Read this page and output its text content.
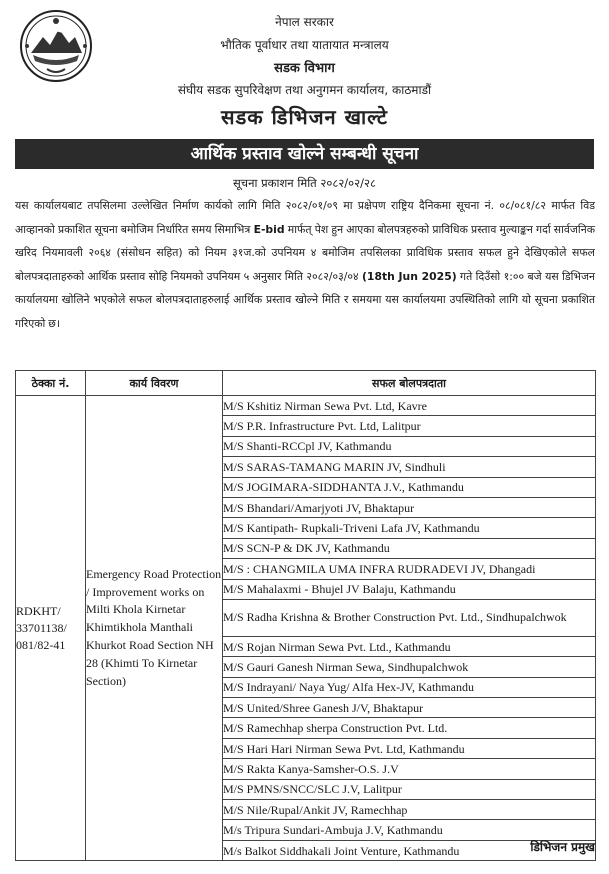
नेपाल सरकार
भौतिक पूर्वाधार तथा यातायात मन्त्रालय
सडक विभाग
संघीय सडक सुपरिवेक्षण तथा अनुगमन कार्यालय, काठमाडौं
सडक डिभिजन खाल्टे
आर्थिक प्रस्ताव खोल्ने सम्बन्धी सूचना
सूचना प्रकाशन मिति २०८२/०२/२८
यस कार्यालयबाट तपसिलमा उल्लेखित निर्माण कार्यको लागि मिति २०८२/०१/०९ मा प्रक्षेपण राष्ट्रिय दैनिकमा सूचना नं. ०८/०८१/८२ मार्फत विड आव्हानको प्रकाशित सूचना बमोजिम निर्धारित समय सिमाभित्र E-bid मार्फत् पेश हुन आएका बोलपत्रहरुको प्राविधिक प्रस्ताव मुल्याङ्कन गर्दा सार्वजनिक खरिद नियमावली २०६४ (संसोधन सहित) को नियम ३१ज.को उपनियम ४ बमोजिम तपसिलका प्राविधिक प्रस्ताव सफल हुने देखिएकोले सफल बोलपत्रदाताहरुको आर्थिक प्रस्ताव सोहि नियमको उपनियम ५ अनुसार मिति २०८२/०३/०४ (18th Jun 2025) गते दिउँसो १:०० बजे यस डिभिजन कार्यालयमा खोलिने भएकोले सफल बोलपत्रदाताहरुलाई आर्थिक प्रस्ताव खोल्ने मिति र समयमा यस कार्यालयमा उपस्थितिको लागि यो सूचना प्रकाशित गरिएको छ।
ठेक्का नं.	कार्य विवरण	सफल बोलपत्रदाता
RDKHT/ 33701138/ 081/82-41	Emergency Road Protection / Improvement works on Milti Khola Kirnetar Khimtikhola Manthali Khurkot Road Section NH 28 (Khimti To Kirnetar Section)	M/S Kshitiz Nirman Sewa Pvt. Ltd, Kavre
		M/S P.R. Infrastructure Pvt. Ltd, Lalitpur
		M/S Shanti-RCCpl JV, Kathmandu
		M/S SARAS-TAMANG MARIN JV, Sindhuli
		M/S JOGIMARA-SIDDHANTA J.V., Kathmandu
		M/S Bhandari/Amarjyoti JV, Bhaktapur
		M/S Kantipath- Rupkali-Triveni Lafa JV, Kathmandu
		M/S SCN-P & DK JV, Kathmandu
		M/S : CHANGMILA UMA INFRA RUDRADEVI JV, Dhangadi
		M/S Mahalaxmi - Bhujel JV Balaju, Kathmandu
		M/S Radha Krishna & Brother Construction Pvt. Ltd., Sindhupalchwok
		M/S Rojan Nirman Sewa Pvt. Ltd., Kathmandu
		M/S Gauri Ganesh Nirman Sewa, Sindhupalchwok
		M/S Indrayani/ Naya Yug/ Alfa Hex-JV, Kathmandu
		M/S United/Shree Ganesh J/V, Bhaktapur
		M/S Ramechhap sherpa Construction Pvt. Ltd.
		M/S Hari Hari Nirman Sewa Pvt. Ltd, Kathmandu
		M/S Rakta Kanya-Samsher-O.S. J.V
		M/S PMNS/SNCC/SLC J.V, Lalitpur
		M/S Nile/Rupal/Ankit JV, Ramechhap
		M/s Tripura Sundari-Ambuja J.V, Kathmandu
		M/s Balkot Siddhakali Joint Venture, Kathmandu	डिभिजन प्रमुख
